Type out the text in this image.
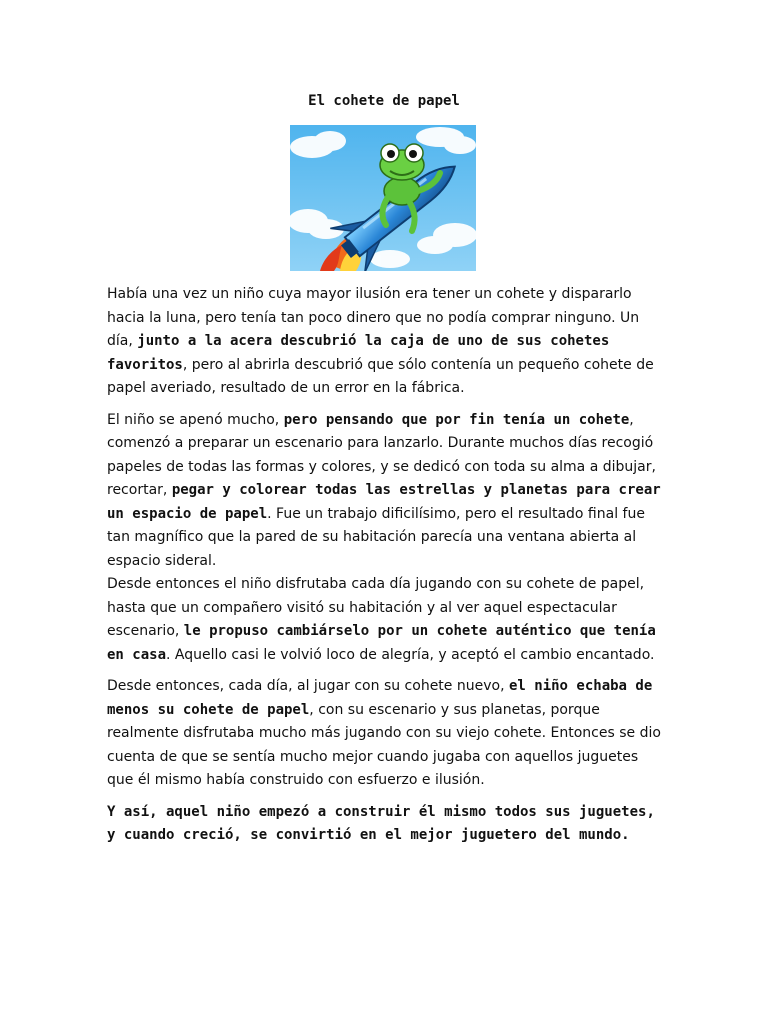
El cohete de papel

Había una vez un niño cuya mayor ilusión era tener un cohete y dispararlo hacia la luna, pero tenía tan poco dinero que no podía comprar ninguno. Un día, junto a la acera descubrió la caja de uno de sus cohetes favoritos, pero al abrirla descubrió que sólo contenía un pequeño cohete de papel averiado, resultado de un error en la fábrica.

El niño se apenó mucho, pero pensando que por fin tenía un cohete, comenzó a preparar un escenario para lanzarlo. Durante muchos días recogió papeles de todas las formas y colores, y se dedicó con toda su alma a dibujar, recortar, pegar y colorear todas las estrellas y planetas para crear un espacio de papel. Fue un trabajo dificilísimo, pero el resultado final fue tan magnífico que la pared de su habitación parecía una ventana abierta al espacio sideral.

Desde entonces el niño disfrutaba cada día jugando con su cohete de papel, hasta que un compañero visitó su habitación y al ver aquel espectacular escenario, le propuso cambiárselo por un cohete auténtico que tenía en casa. Aquello casi le volvió loco de alegría, y aceptó el cambio encantado.

Desde entonces, cada día, al jugar con su cohete nuevo, el niño echaba de menos su cohete de papel, con su escenario y sus planetas, porque realmente disfrutaba mucho más jugando con su viejo cohete. Entonces se dio cuenta de que se sentía mucho mejor cuando jugaba con aquellos juguetes que él mismo había construido con esfuerzo e ilusión.

Y así, aquel niño empezó a construir él mismo todos sus juguetes, y cuando creció, se convirtió en el mejor juguetero del mundo.
